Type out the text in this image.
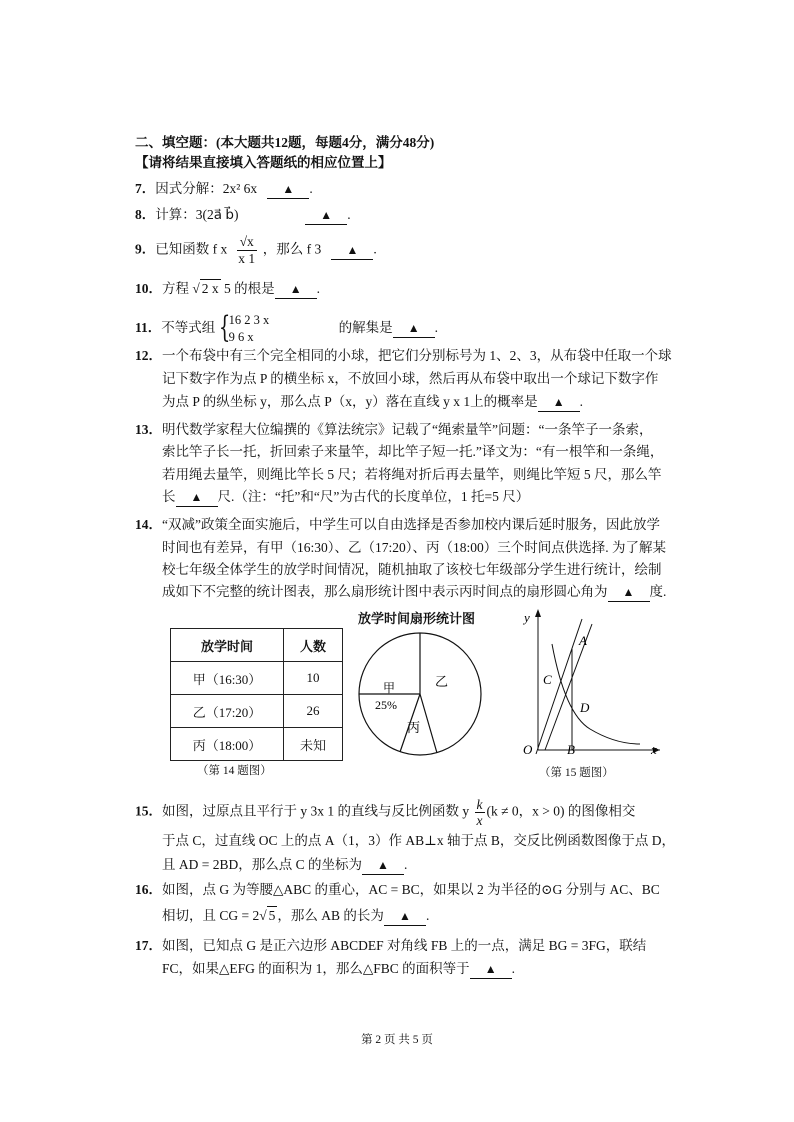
二、填空题：(本大题共12题，每题4分，满分48分)
【请将结果直接填入答题纸的相应位置上】
7．因式分解：2x² 6x ▲ .
8．计算：3(2a⃗ b⃗)	▲ .
9．已知函数 f x $\frac{√x}{x 1}$ ，那么 f 3 ▲ .
10．方程 √ 2 x 5 的根是 ▲ .
11．不等式组 {
16 2 3 x
9 6 x
的解集是 ▲ .
12．一个布袋中有三个完全相同的小球，把它们分别标号为 1、2、3，从布袋中任取一个球
记下数字作为点 P 的横坐标 x，不放回小球，然后再从布袋中取出一个球记下数字作
为点 P 的纵坐标 y，那么点 P（x，y）落在直线 y x 1上的概率是 ▲ .
13．明代数学家程大位编撰的《算法统宗》记载了“绳索量竿”问题：“一条竿子一条索，
索比竿子长一托，折回索子来量竿，却比竿子短一托.”译文为：“有一根竿和一条绳，
若用绳去量竿，则绳比竿长 5 尺；若将绳对折后再去量竿，则绳比竿短 5 尺，那么竿
长 ▲ 尺.（注：“托”和“尺”为古代的长度单位，1 托=5 尺）
14．“双减”政策全面实施后，中学生可以自由选择是否参加校内课后延时服务，因此放学
时间也有差异，有甲（16:30）、乙（17:20）、丙（18:00）三个时间点供选择. 为了解某
校七年级全体学生的放学时间情况，随机抽取了该校七年级部分学生进行统计，绘制
成如下不完整的统计图表，那么扇形统计图中表示丙时间点的扇形圆心角为 ▲ 度.
放学时间	人数
甲（16:30）	10
乙（17:20）	26
丙（18:00）	未知
放学时间扇形统计图
甲
25%
乙
丙
（第 14 题图）
y
x
O
A
B
C
D
（第 15 题图）
15．如图，过原点且平行于 y 3x 1 的直线与反比例函数 y $\frac{k}{x} (k \ne 0$，x > 0) 的图像相交
于点 C，过直线 OC 上的点 A（1，3）作 AB⊥x 轴于点 B，交反比例函数图像于点 D，
且 AD = 2BD，那么点 C 的坐标为 ▲ .
16．如图，点 G 为等腰△ABC 的重心，AC = BC，如果以 2 为半径的⊙G 分别与 AC、BC
相切，且 CG = 2√ 5 ，那么 AB 的长为 ▲ .
17．如图，已知点 G 是正六边形 ABCDEF 对角线 FB 上的一点，满足 BG = 3FG，联结
FC，如果△EFG 的面积为 1，那么△FBC 的面积等于 ▲ .
第 2 页 共 5 页
